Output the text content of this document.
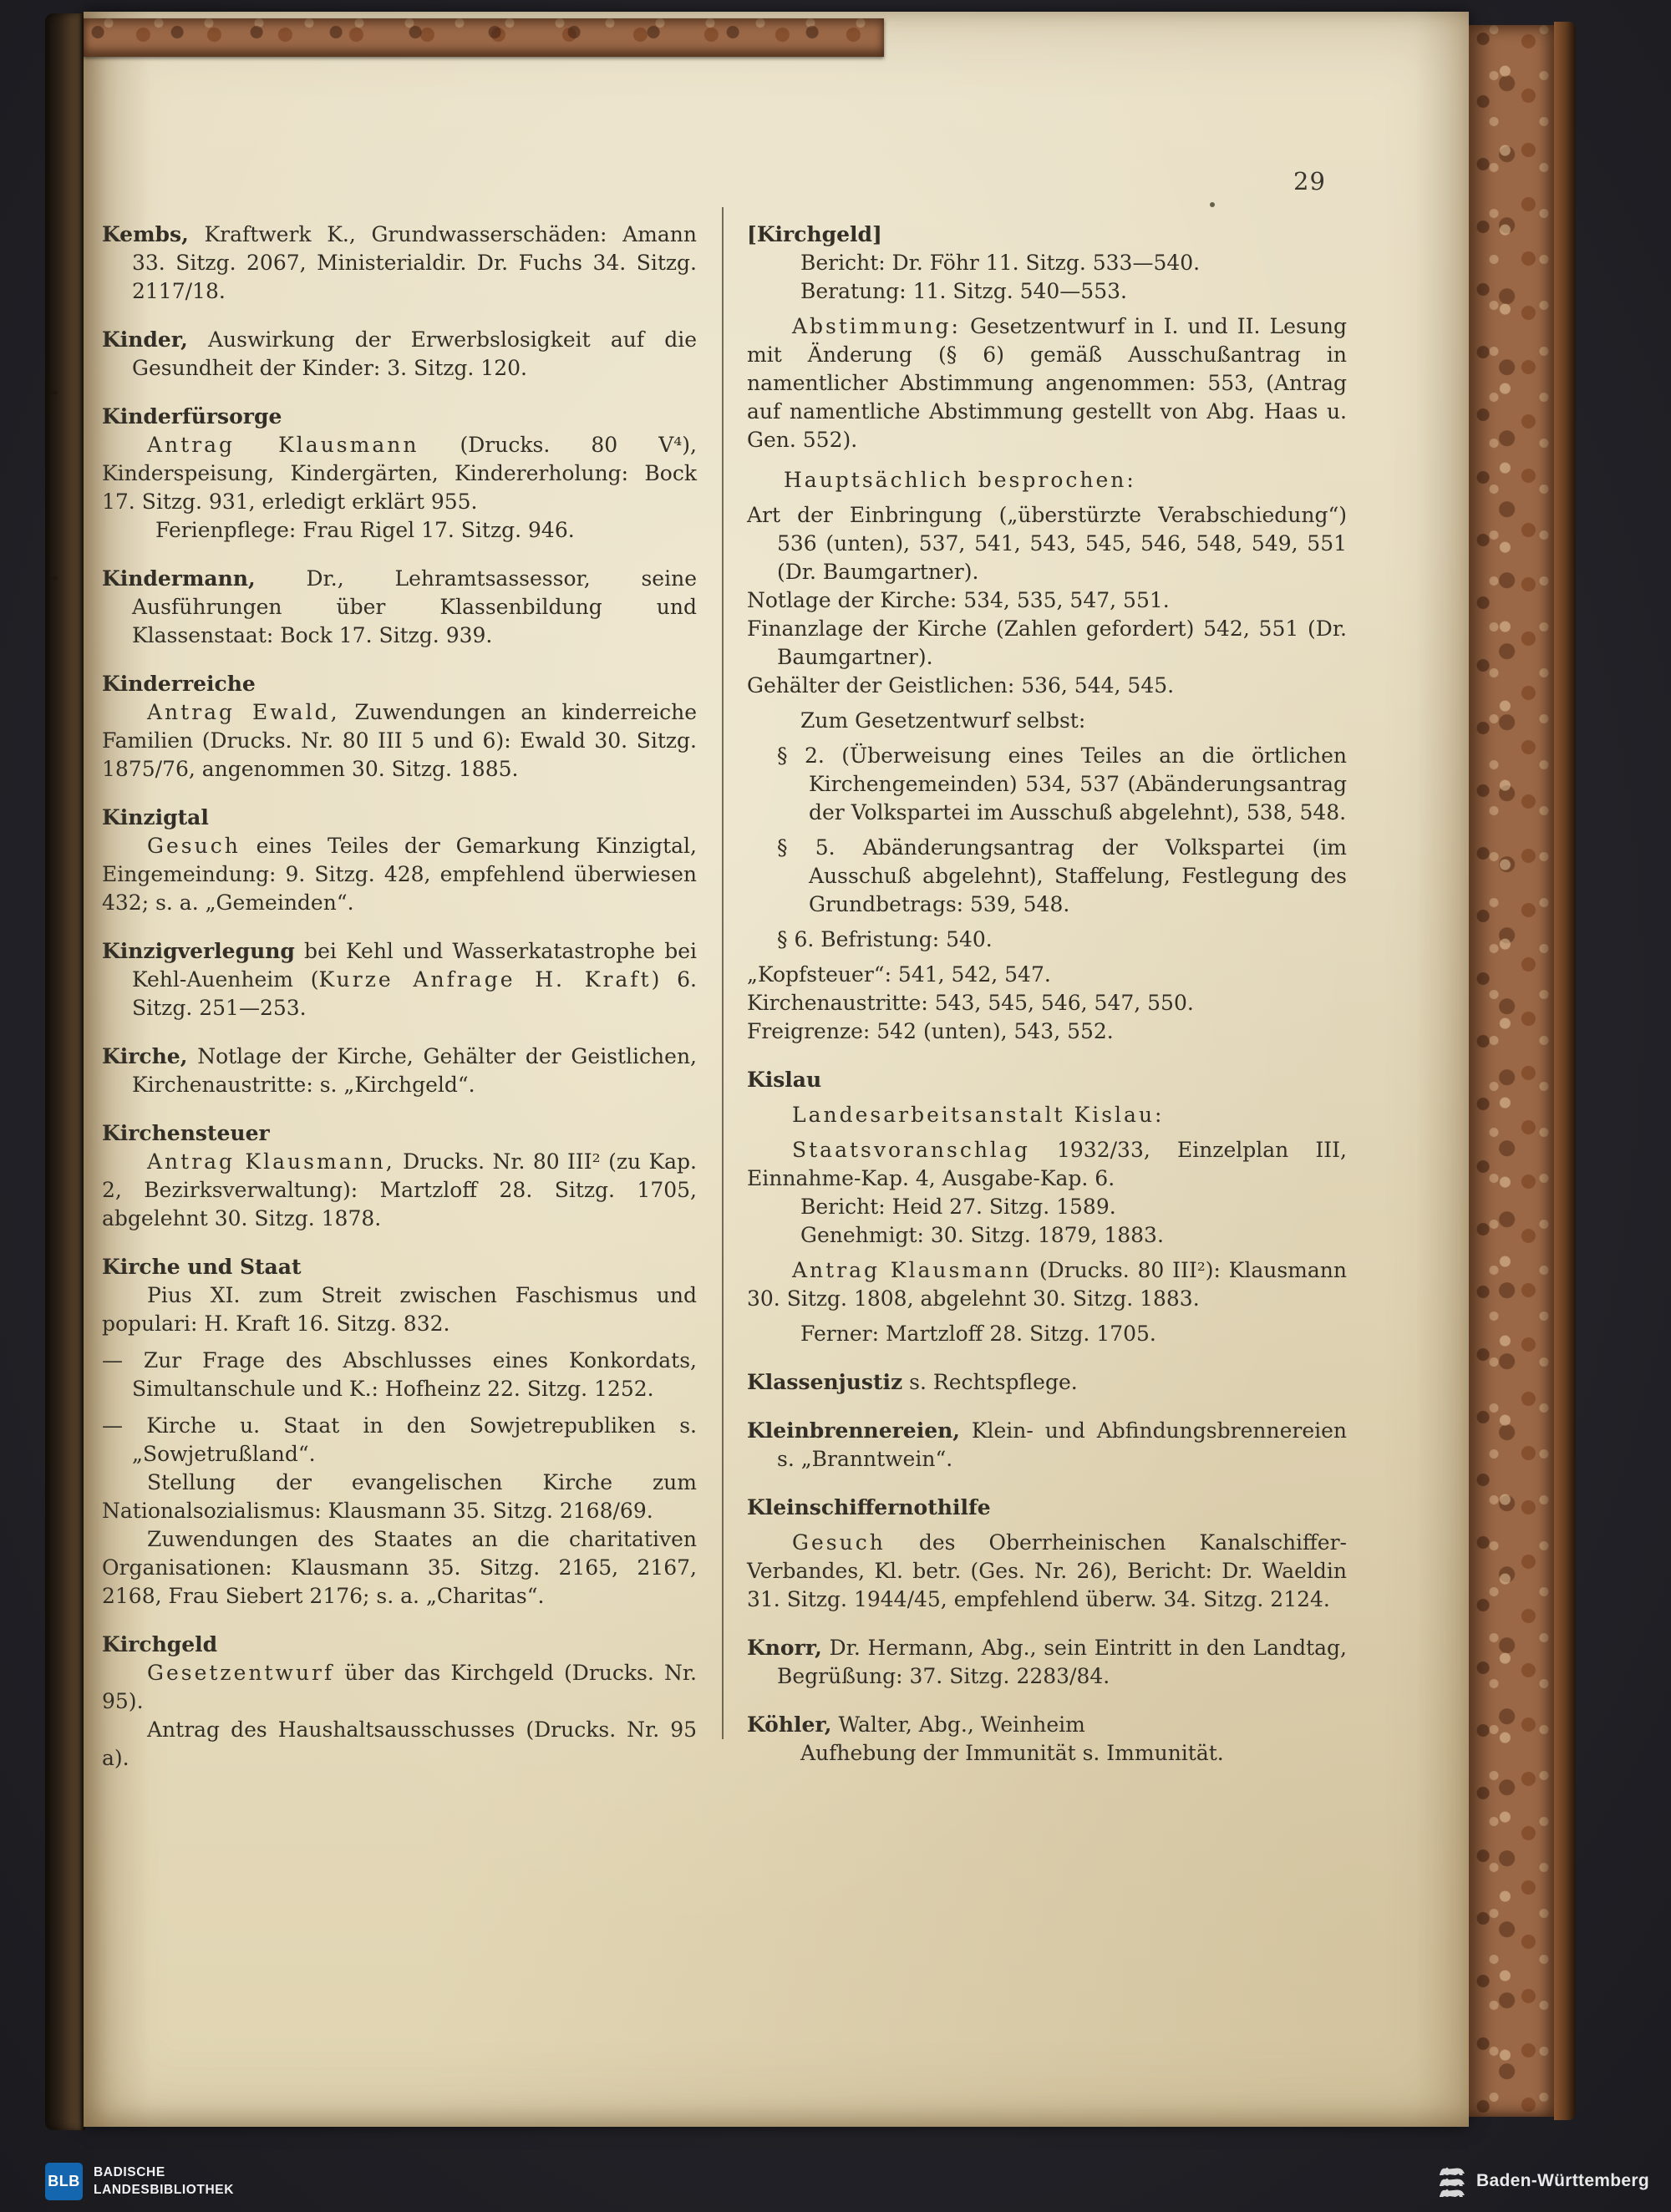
29

Kembs, Kraftwerk K., Grundwasserschäden: Amann 33. Sitzg. 2067, Ministerialdir. Dr. Fuchs 34. Sitzg. 2117/18.

Kinder, Auswirkung der Erwerbslosigkeit auf die Gesundheit der Kinder: 3. Sitzg. 120.

Kinderfürsorge

Antrag Klausmann (Drucks. 80 V⁴), Kinderspeisung, Kindergärten, Kindererholung: Bock 17. Sitzg. 931, erledigt erklärt 955.

Ferienpflege: Frau Rigel 17. Sitzg. 946.

Kindermann, Dr., Lehramtsassessor, seine Ausführungen über Klassenbildung und Klassenstaat: Bock 17. Sitzg. 939.

Kinderreiche

Antrag Ewald, Zuwendungen an kinderreiche Familien (Drucks. Nr. 80 III 5 und 6): Ewald 30. Sitzg. 1875/76, angenommen 30. Sitzg. 1885.

Kinzigtal

Gesuch eines Teiles der Gemarkung Kinzigtal, Eingemeindung: 9. Sitzg. 428, empfehlend überwiesen 432; s. a. „Gemeinden“.

Kinzigverlegung bei Kehl und Wasserkatastrophe bei Kehl-Auenheim (Kurze Anfrage H. Kraft) 6. Sitzg. 251—253.

Kirche, Notlage der Kirche, Gehälter der Geistlichen, Kirchenaustritte: s. „Kirchgeld“.

Kirchensteuer

Antrag Klausmann, Drucks. Nr. 80 III² (zu Kap. 2, Bezirksverwaltung): Martzloff 28. Sitzg. 1705, abgelehnt 30. Sitzg. 1878.

Kirche und Staat

Pius XI. zum Streit zwischen Faschismus und populari: H. Kraft 16. Sitzg. 832.

— Zur Frage des Abschlusses eines Konkordats, Simultanschule und K.: Hofheinz 22. Sitzg. 1252.

— Kirche u. Staat in den Sowjetrepubliken s. „Sowjetrußland“.

Stellung der evangelischen Kirche zum Nationalsozialismus: Klausmann 35. Sitzg. 2168/69.

Zuwendungen des Staates an die charitativen Organisationen: Klausmann 35. Sitzg. 2165, 2167, 2168, Frau Siebert 2176; s. a. „Charitas“.

Kirchgeld

Gesetzentwurf über das Kirchgeld (Drucks. Nr. 95).

Antrag des Haushaltsausschusses (Drucks. Nr. 95 a).

[Kirchgeld]

Bericht: Dr. Föhr 11. Sitzg. 533—540.

Beratung: 11. Sitzg. 540—553.

Abstimmung: Gesetzentwurf in I. und II. Lesung mit Änderung (§ 6) gemäß Ausschußantrag in namentlicher Abstimmung angenommen: 553, (Antrag auf namentliche Abstimmung gestellt von Abg. Haas u. Gen. 552).

Hauptsächlich besprochen:

Art der Einbringung („überstürzte Verabschiedung“) 536 (unten), 537, 541, 543, 545, 546, 548, 549, 551 (Dr. Baumgartner).

Notlage der Kirche: 534, 535, 547, 551.

Finanzlage der Kirche (Zahlen gefordert) 542, 551 (Dr. Baumgartner).

Gehälter der Geistlichen: 536, 544, 545.

Zum Gesetzentwurf selbst:

§ 2. (Überweisung eines Teiles an die örtlichen Kirchengemeinden) 534, 537 (Abänderungsantrag der Volkspartei im Ausschuß abgelehnt), 538, 548.

§ 5. Abänderungsantrag der Volkspartei (im Ausschuß abgelehnt), Staffelung, Festlegung des Grundbetrags: 539, 548.

§ 6. Befristung: 540.

„Kopfsteuer“: 541, 542, 547.

Kirchenaustritte: 543, 545, 546, 547, 550.

Freigrenze: 542 (unten), 543, 552.

Kislau

Landesarbeitsanstalt Kislau:

Staatsvoranschlag 1932/33, Einzelplan III, Einnahme-Kap. 4, Ausgabe-Kap. 6.

Bericht: Heid 27. Sitzg. 1589.

Genehmigt: 30. Sitzg. 1879, 1883.

Antrag Klausmann (Drucks. 80 III²): Klausmann 30. Sitzg. 1808, abgelehnt 30. Sitzg. 1883.

Ferner: Martzloff 28. Sitzg. 1705.

Klassenjustiz s. Rechtspflege.

Kleinbrennereien, Klein- und Abfindungsbrennereien s. „Branntwein“.

Kleinschiffernothilfe

Gesuch des Oberrheinischen Kanalschiffer-Verbandes, Kl. betr. (Ges. Nr. 26), Bericht: Dr. Waeldin 31. Sitzg. 1944/45, empfehlend überw. 34. Sitzg. 2124.

Knorr, Dr. Hermann, Abg., sein Eintritt in den Landtag, Begrüßung: 37. Sitzg. 2283/84.

Köhler, Walter, Abg., Weinheim

Aufhebung der Immunität s. Immunität.

BLB
BADISCHE
LANDESBIBLIOTHEK	Baden-Württemberg
